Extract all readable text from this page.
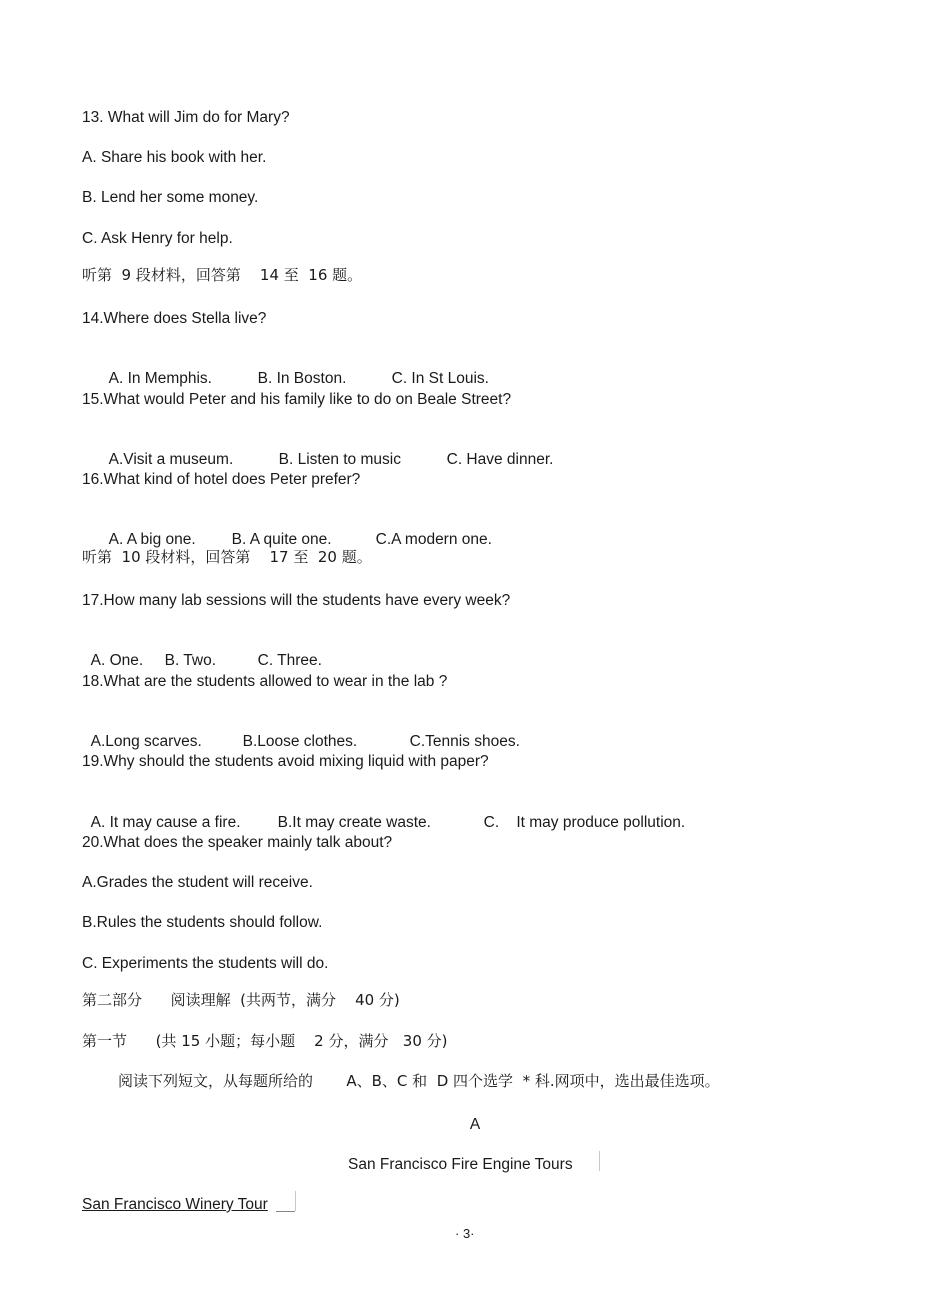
13. What will Jim do for Mary?
A. Share his book with her.
B. Lend her some money.
C. Ask Henry for help.
听第  9 段材料，回答第    14 至  16 题。
14.Where does Stella live?

A. In Memphis.	B. In Boston.	C. In St Louis.

15.What would Peter and his family like to do on Beale Street?

A.Visit a museum.	B. Listen to music	C. Have dinner.

16.What kind of hotel does Peter prefer?

A. A big one. B. A quite one.	C.A modern one.

听第  10 段材料，回答第    17 至  20 题。
17.How many lab sessions will the students have every week?

A. One. B. Two.	C. Three.

18.What are the students allowed to wear in the lab ?

A.Long scarves.	B.Loose clothes.	C.Tennis shoes.

19.Why should the students avoid mixing liquid with paper?

A. It may cause a fire. B.It may create waste.	C.    It may produce pollution.

20.What does the speaker mainly talk about?
A.Grades the student will receive.
B.Rules the students should follow.
C. Experiments the students will do.
第二部分      阅读理解  (共两节，满分    40 分)
第一节      (共 15 小题；每小题    2 分，满分   30 分)
阅读下列短文，从每题所给的       A、B、C 和  D 四个选学  * 科.网项中，选出最佳选项。
A
San Francisco Fire Engine Tours
San Francisco Winery Tour
· 3·
